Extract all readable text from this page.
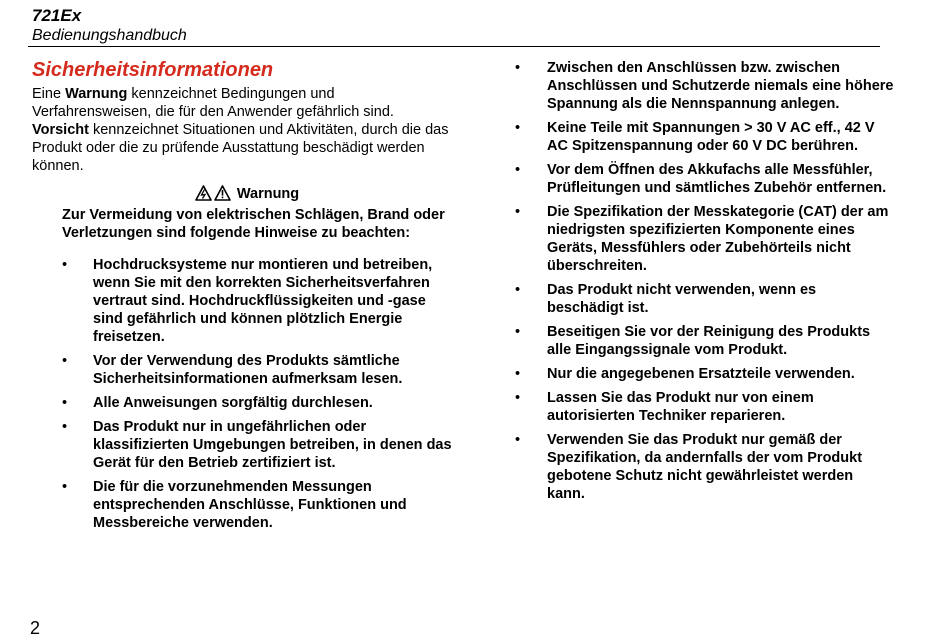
721Ex
Bedienungshandbuch
Sicherheitsinformationen

Eine Warnung kennzeichnet Bedingungen und Verfahrensweisen, die für den Anwender gefährlich sind.
Vorsicht kennzeichnet Situationen und Aktivitäten, durch die das Produkt oder die zu prüfende Ausstattung beschädigt werden können.

Warnung
Zur Vermeidung von elektrischen Schlägen, Brand oder Verletzungen sind folgende Hinweise zu beachten:
• Hochdrucksysteme nur montieren und betreiben, wenn Sie mit den korrekten Sicherheitsverfahren vertraut sind. Hochdruckflüssigkeiten und -gase sind gefährlich und können plötzlich Energie freisetzen.
• Vor der Verwendung des Produkts sämtliche Sicherheitsinformationen aufmerksam lesen.
• Alle Anweisungen sorgfältig durchlesen.
• Das Produkt nur in ungefährlichen oder klassifizierten Umgebungen betreiben, in denen das Gerät für den Betrieb zertifiziert ist.
• Die für die vorzunehmenden Messungen entsprechenden Anschlüsse, Funktionen und Messbereiche verwenden.
• Zwischen den Anschlüssen bzw. zwischen Anschlüssen und Schutzerde niemals eine höhere Spannung als die Nennspannung anlegen.
• Keine Teile mit Spannungen > 30 V AC eff., 42 V AC Spitzenspannung oder 60 V DC berühren.
• Vor dem Öffnen des Akkufachs alle Messfühler, Prüfleitungen und sämtliches Zubehör entfernen.
• Die Spezifikation der Messkategorie (CAT) der am niedrigsten spezifizierten Komponente eines Geräts, Messfühlers oder Zubehörteils nicht überschreiten.
• Das Produkt nicht verwenden, wenn es beschädigt ist.
• Beseitigen Sie vor der Reinigung des Produkts alle Eingangssignale vom Produkt.
• Nur die angegebenen Ersatzteile verwenden.
• Lassen Sie das Produkt nur von einem autorisierten Techniker reparieren.
• Verwenden Sie das Produkt nur gemäß der Spezifikation, da andernfalls der vom Produkt gebotene Schutz nicht gewährleistet werden kann.
2
